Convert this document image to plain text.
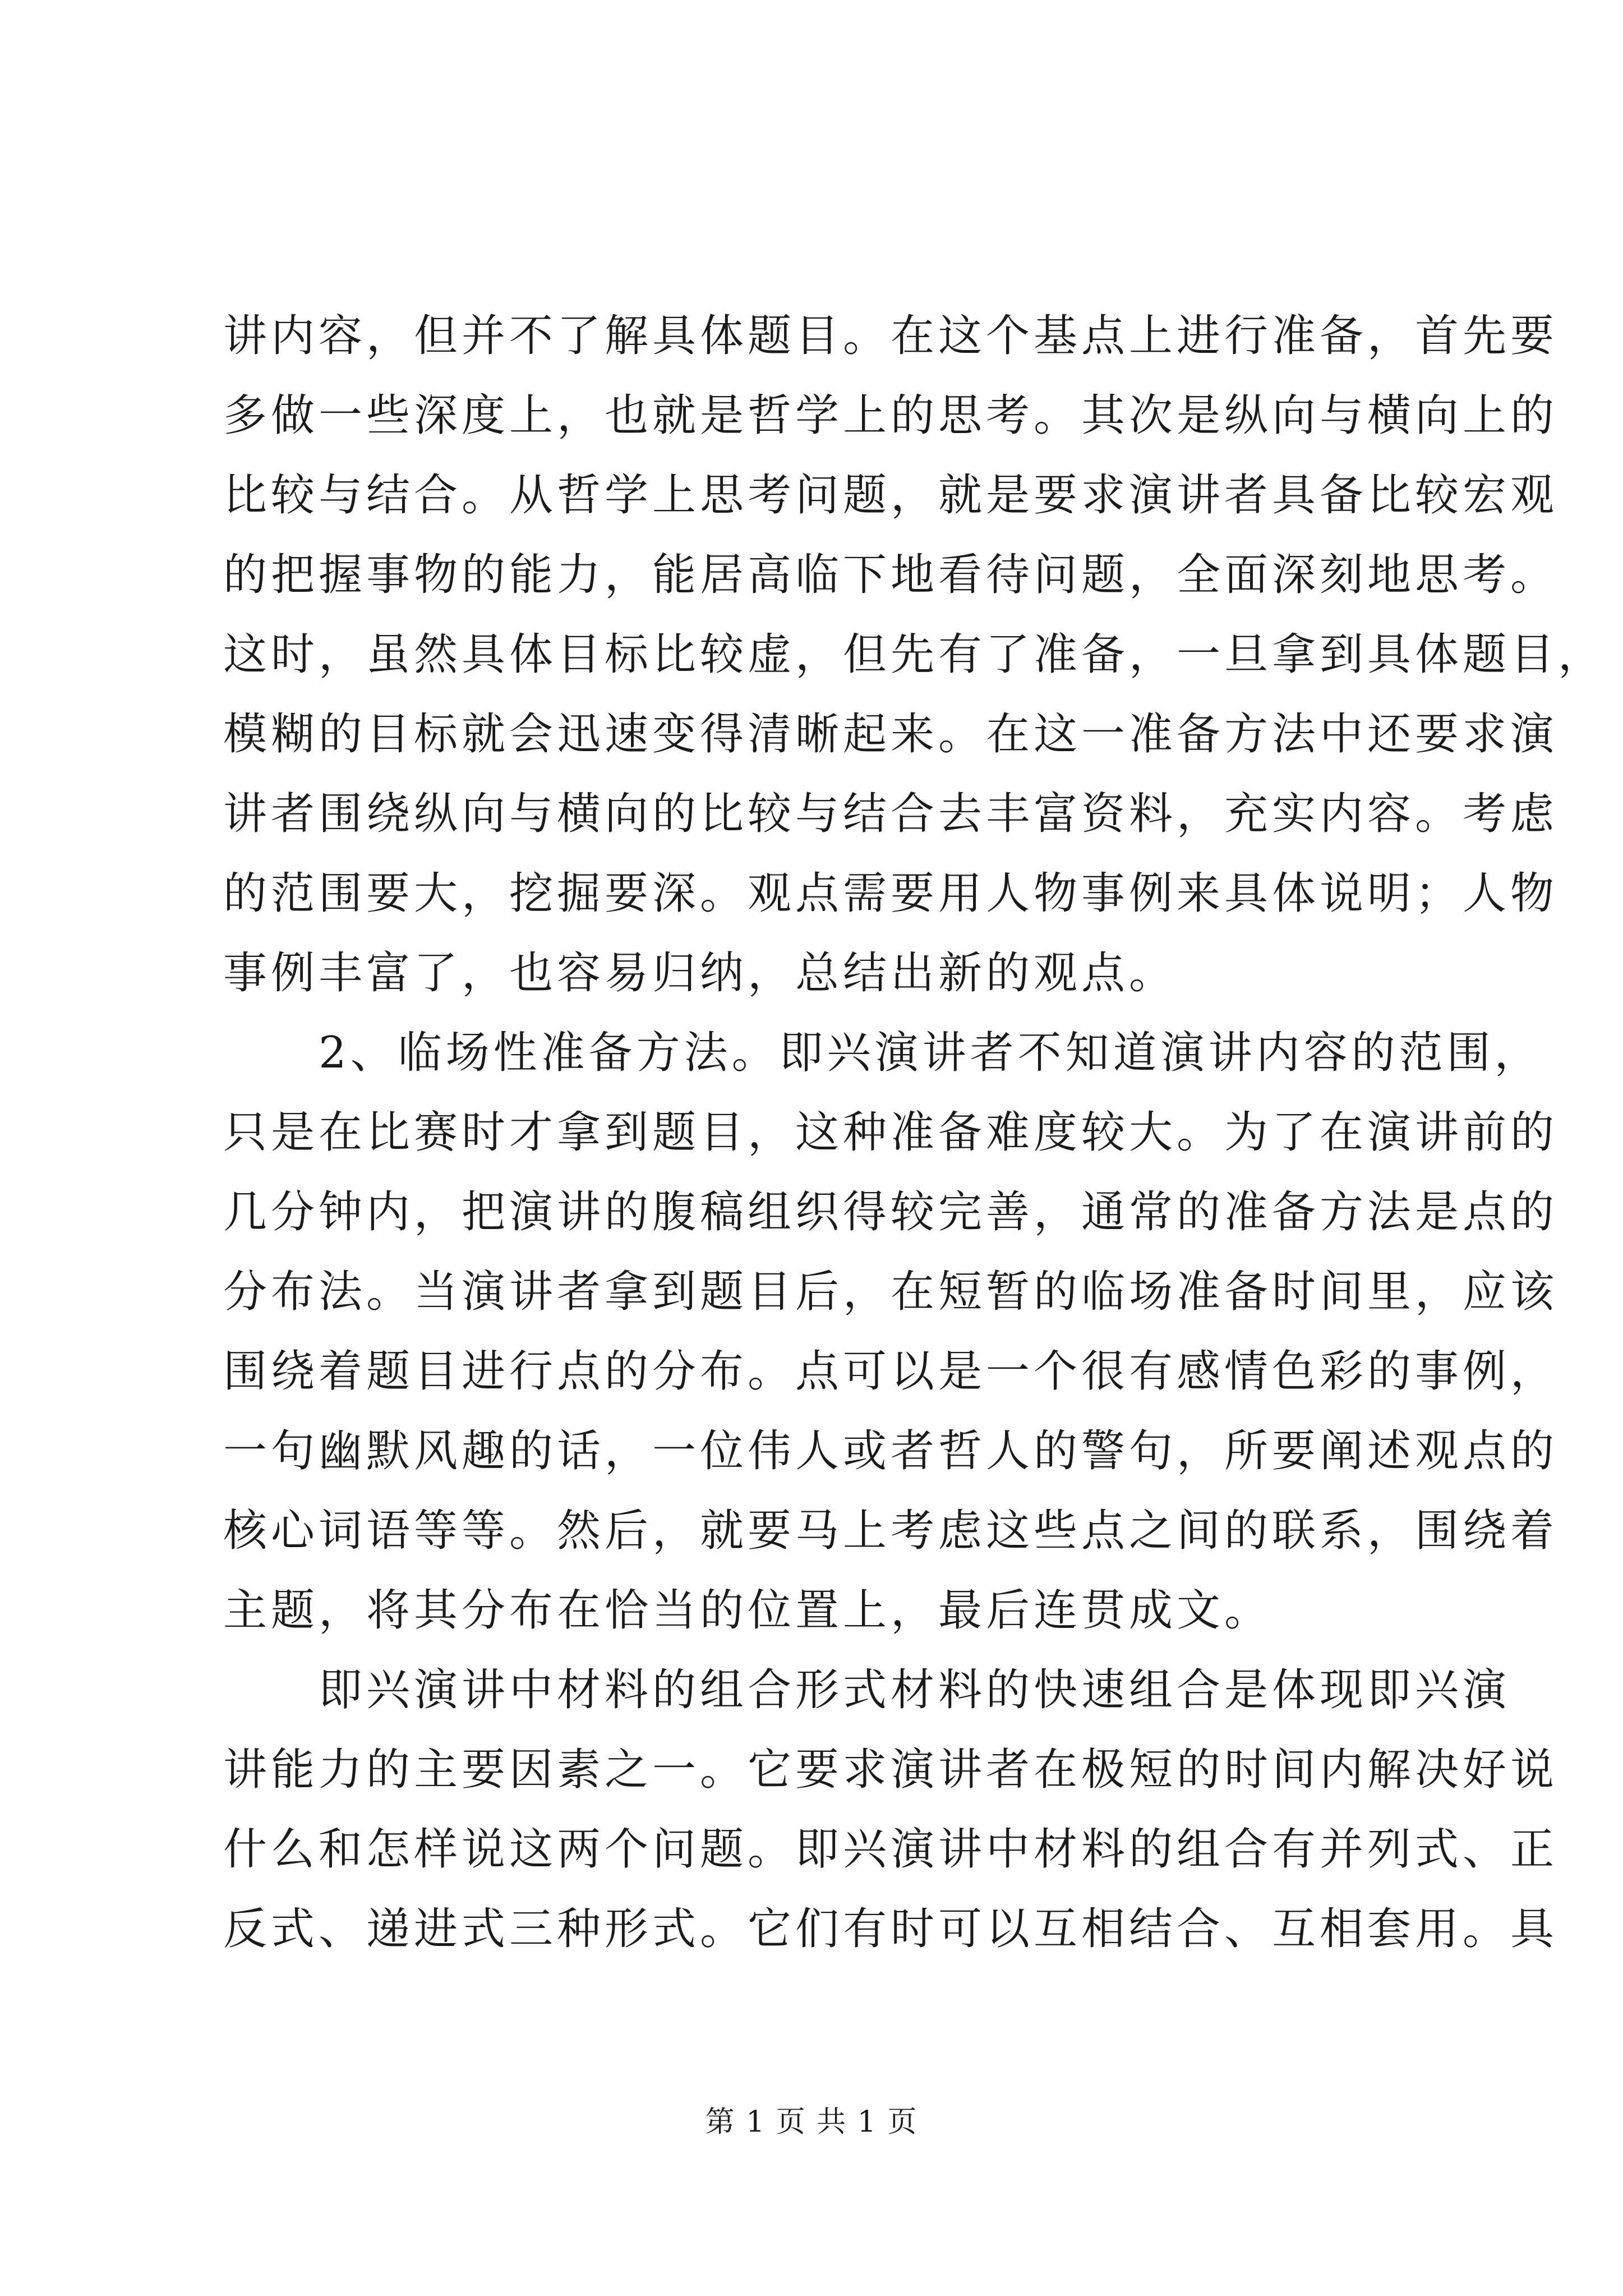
讲内容，但并不了解具体题目。在这个基点上进行准备，首先要
多做一些深度上，也就是哲学上的思考。其次是纵向与横向上的
比较与结合。从哲学上思考问题，就是要求演讲者具备比较宏观
的把握事物的能力，能居高临下地看待问题，全面深刻地思考。
这时，虽然具体目标比较虚，但先有了准备，一旦拿到具体题目，
模糊的目标就会迅速变得清晰起来。在这一准备方法中还要求演
讲者围绕纵向与横向的比较与结合去丰富资料，充实内容。考虑
的范围要大，挖掘要深。观点需要用人物事例来具体说明；人物
事例丰富了，也容易归纳，总结出新的观点。
　　2、临场性准备方法。即兴演讲者不知道演讲内容的范围，
只是在比赛时才拿到题目，这种准备难度较大。为了在演讲前的
几分钟内，把演讲的腹稿组织得较完善，通常的准备方法是点的
分布法。当演讲者拿到题目后，在短暂的临场准备时间里，应该
围绕着题目进行点的分布。点可以是一个很有感情色彩的事例，
一句幽默风趣的话，一位伟人或者哲人的警句，所要阐述观点的
核心词语等等。然后，就要马上考虑这些点之间的联系，围绕着
主题，将其分布在恰当的位置上，最后连贯成文。
　　即兴演讲中材料的组合形式材料的快速组合是体现即兴演
讲能力的主要因素之一。它要求演讲者在极短的时间内解决好说
什么和怎样说这两个问题。即兴演讲中材料的组合有并列式、正
反式、递进式三种形式。它们有时可以互相结合、互相套用。具
第 1 页 共 1 页
